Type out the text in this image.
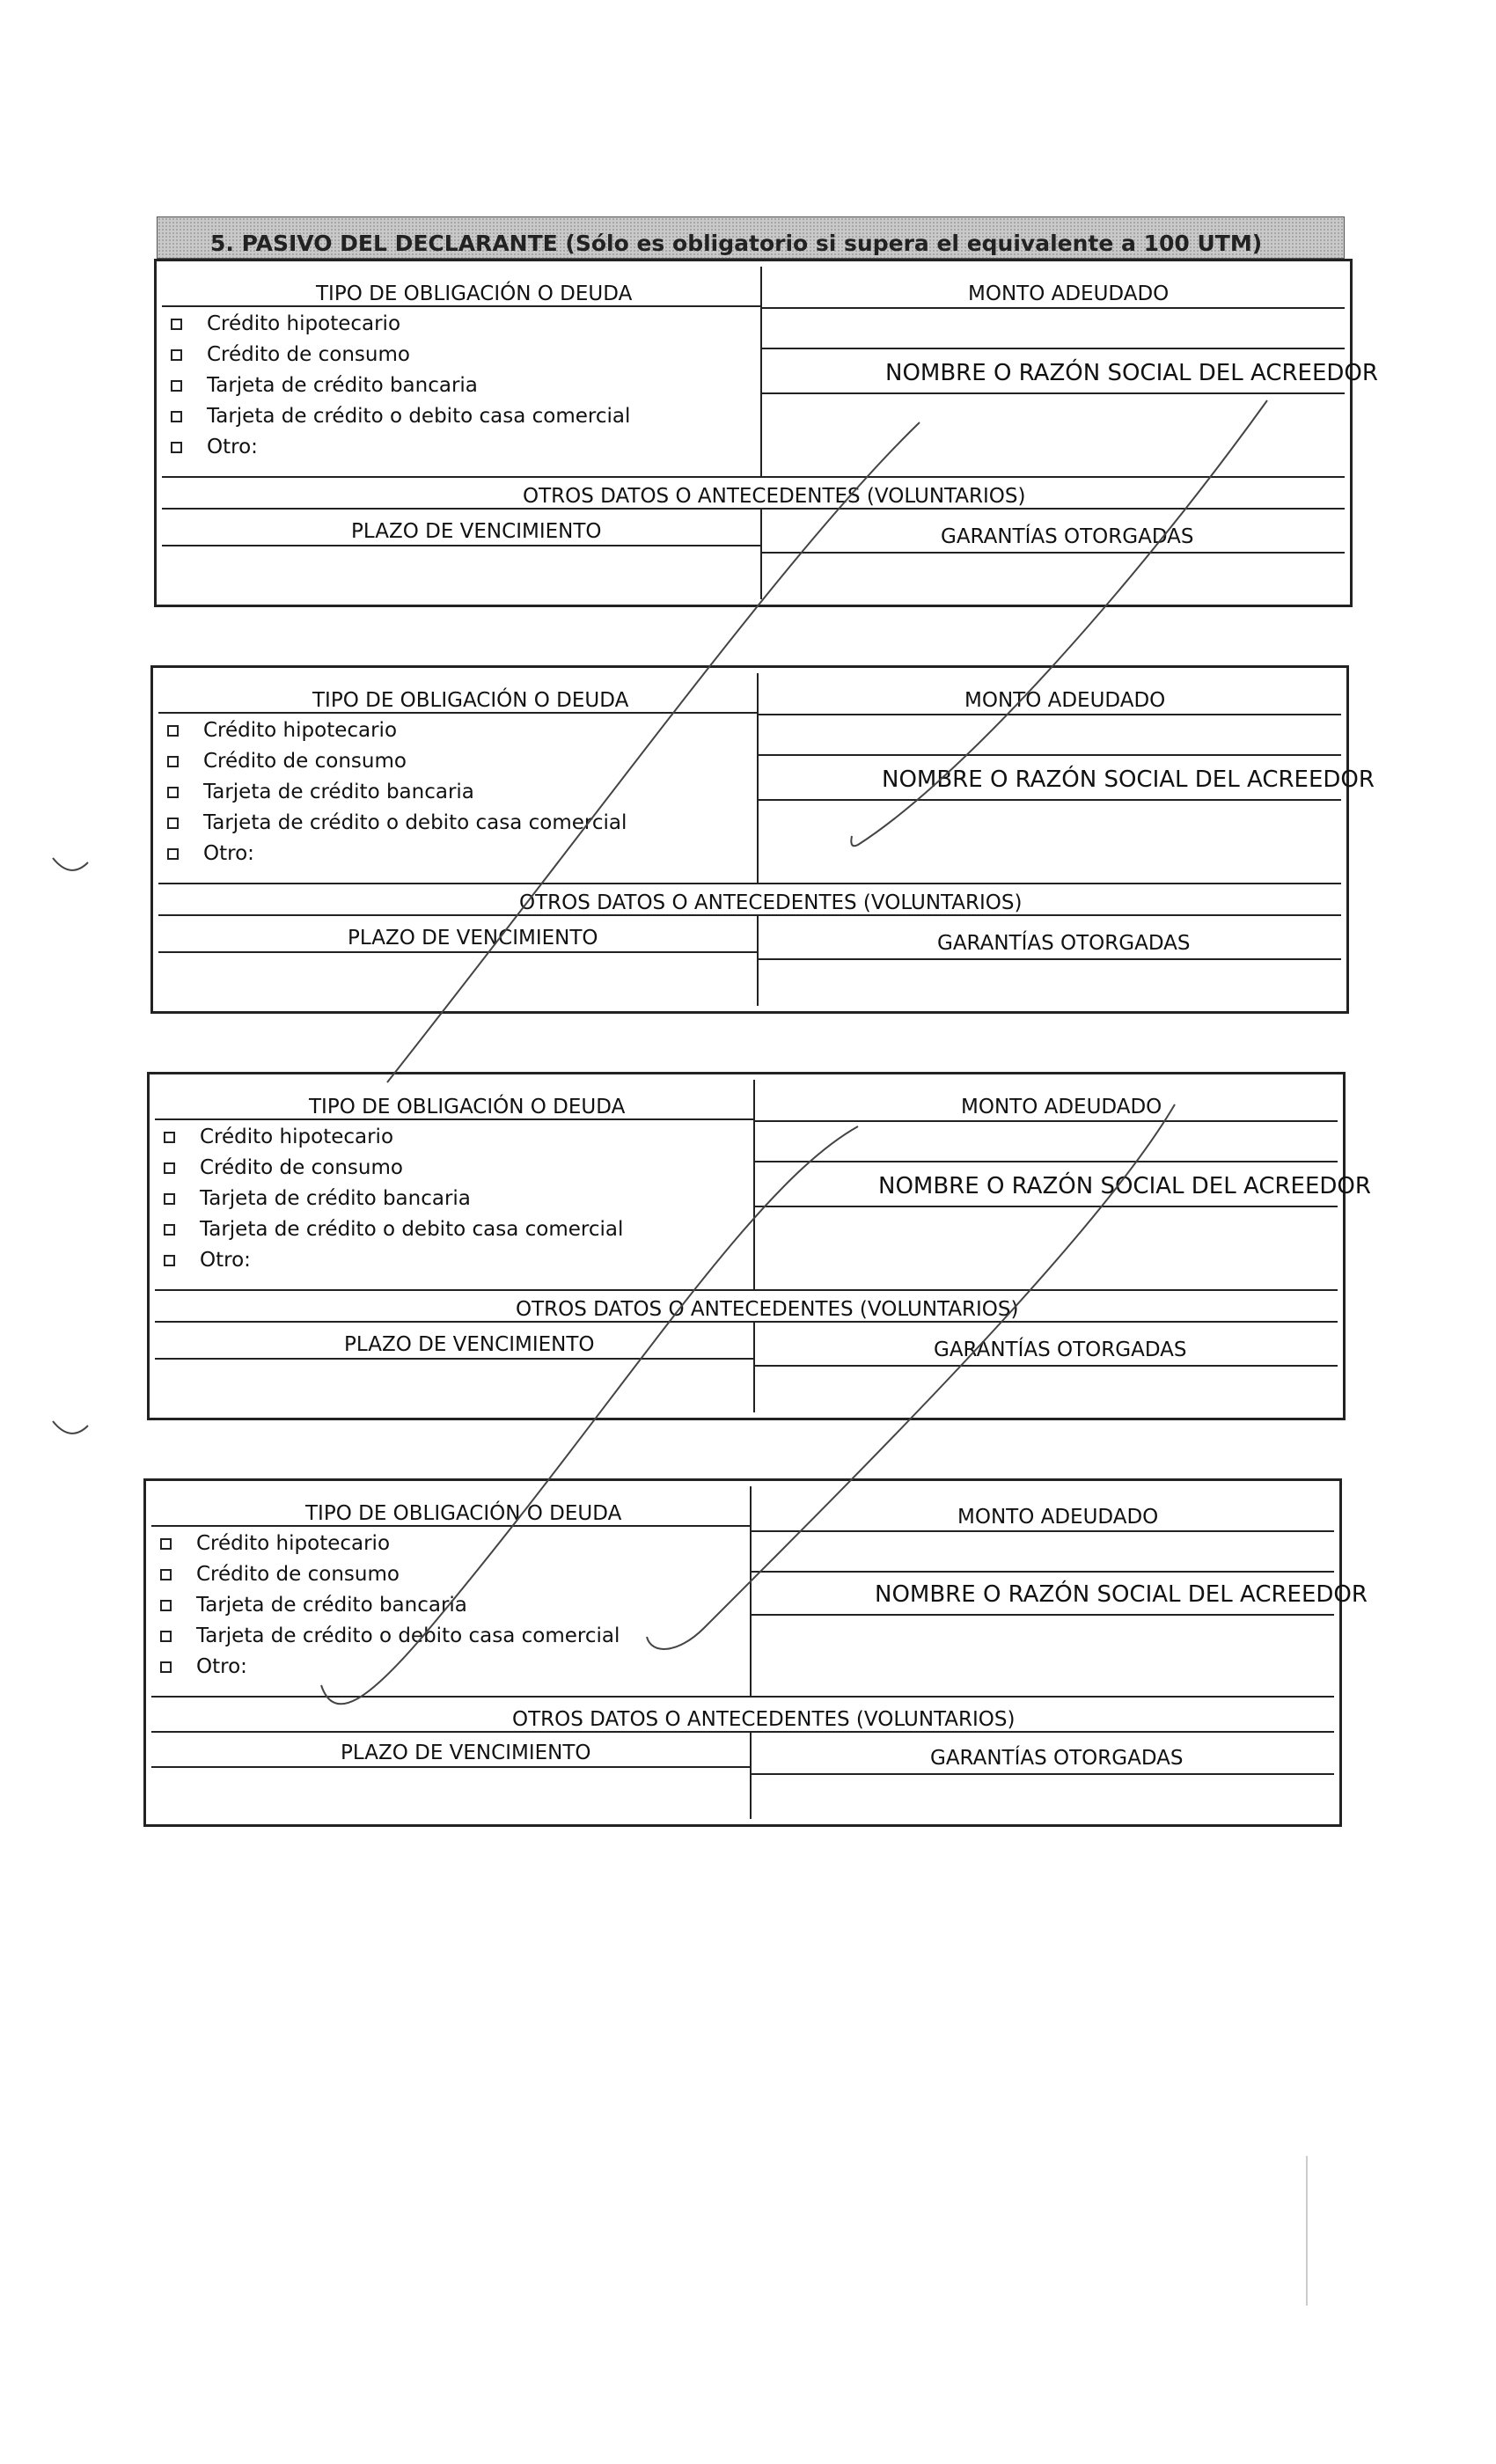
5. PASIVO DEL DECLARANTE (Sólo es obligatorio si supera el equivalente a 100 UTM)
TIPO DE OBLIGACIÓN O DEUDA	MONTO ADEUDADO
NOMBRE O RAZÓN SOCIAL DEL ACREEDOR
Crédito hipotecario
Crédito de consumo
Tarjeta de crédito bancaria
Tarjeta de crédito o debito casa comercial
Otro:
OTROS DATOS O ANTECEDENTES (VOLUNTARIOS)
PLAZO DE VENCIMIENTO	GARANTÍAS OTORGADAS
TIPO DE OBLIGACIÓN O DEUDA	MONTO ADEUDADO
NOMBRE O RAZÓN SOCIAL DEL ACREEDOR
Crédito hipotecario
Crédito de consumo
Tarjeta de crédito bancaria
Tarjeta de crédito o debito casa comercial
Otro:
OTROS DATOS O ANTECEDENTES (VOLUNTARIOS)
PLAZO DE VENCIMIENTO	GARANTÍAS OTORGADAS
TIPO DE OBLIGACIÓN O DEUDA	MONTO ADEUDADO
NOMBRE O RAZÓN SOCIAL DEL ACREEDOR
Crédito hipotecario
Crédito de consumo
Tarjeta de crédito bancaria
Tarjeta de crédito o debito casa comercial
Otro:
OTROS DATOS O ANTECEDENTES (VOLUNTARIOS)
PLAZO DE VENCIMIENTO	GARANTÍAS OTORGADAS
TIPO DE OBLIGACIÓN O DEUDA	MONTO ADEUDADO
NOMBRE O RAZÓN SOCIAL DEL ACREEDOR
Crédito hipotecario
Crédito de consumo
Tarjeta de crédito bancaria
Tarjeta de crédito o debito casa comercial
Otro:
OTROS DATOS O ANTECEDENTES (VOLUNTARIOS)
PLAZO DE VENCIMIENTO	GARANTÍAS OTORGADAS
